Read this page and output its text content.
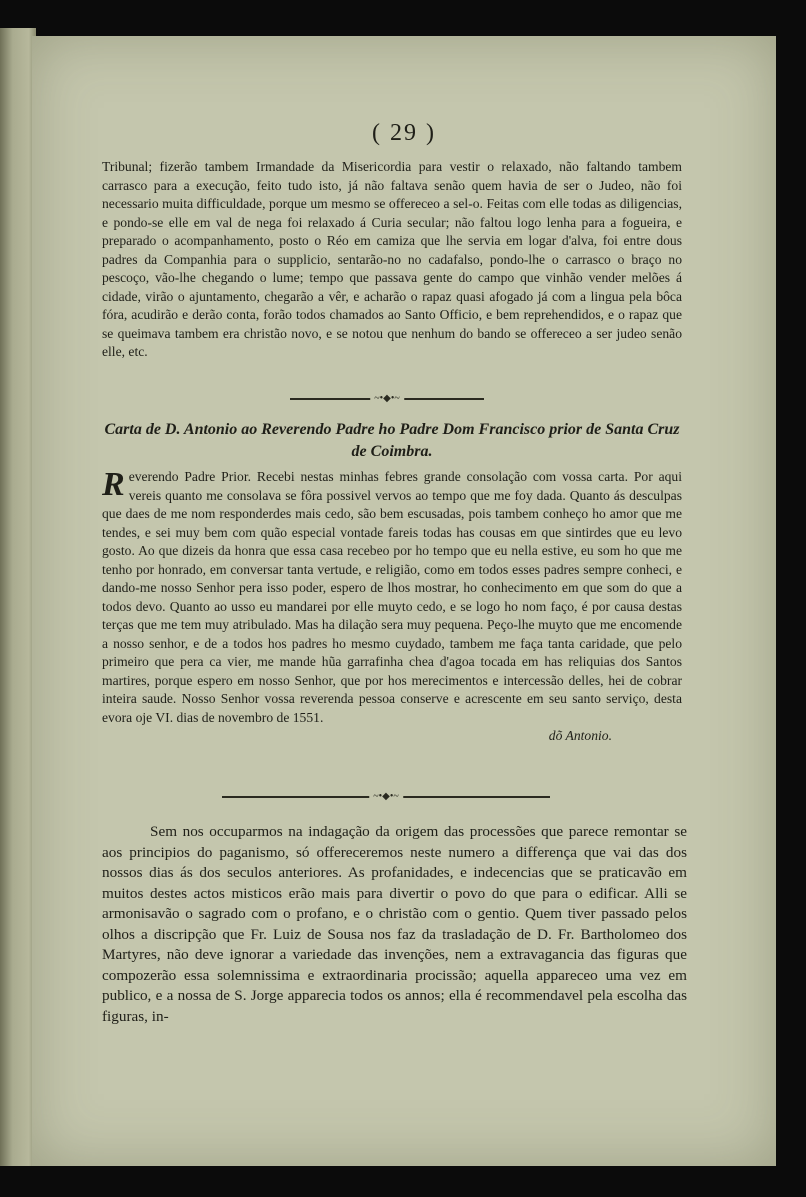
( 29 )

Tribunal; fizerão tambem Irmandade da Misericordia para vestir o relaxado, não faltando tambem carrasco para a execução, feito tudo isto, já não faltava senão quem havia de ser o Judeo, não foi necessario muita difficuldade, porque um mesmo se offereceo a sel-o. Feitas com elle todas as diligencias, e pondo-se elle em val de nega foi relaxado á Curia secular; não faltou logo lenha para a fogueira, e preparado o acompanhamento, posto o Réo em camiza que lhe servia em logar d'alva, foi entre dous padres da Companhia para o supplicio, sentarão-no no cadafalso, pondo-lhe o carrasco o braço no pescoço, vão-lhe chegando o lume; tempo que passava gente do campo que vinhão vender melões á cidade, virão o ajuntamento, chegarão a vêr, e acharão o rapaz quasi afogado já com a lingua pela bôca fóra, acudirão e derão conta, forão todos chamados ao Santo Officio, e bem reprehendidos, e o rapaz que se queimava tambem era christão novo, e se notou que nenhum do bando se offereceo a ser judeo senão elle, etc.

~•◆•~
Carta de D. Antonio ao Reverendo Padre ho Padre Dom Francisco prior de Santa Cruz de Coimbra.
Reverendo Padre Prior. Recebi nestas minhas febres grande consolação com vossa carta. Por aqui vereis quanto me consolava se fôra possivel vervos ao tempo que me foy dada. Quanto ás desculpas que daes de me nom responderdes mais cedo, são bem escusadas, pois tambem conheço ho amor que me tendes, e sei muy bem com quão especial vontade fareis todas has cousas em que sintirdes que eu levo gosto. Ao que dizeis da honra que essa casa recebeo por ho tempo que eu nella estive, eu som ho que me tenho por honrado, em conversar tanta vertude, e religião, como em todos esses padres sempre conheci, e dando-me nosso Senhor pera isso poder, espero de lhos mostrar, ho conhecimento em que som do que a todos devo. Quanto ao usso eu mandarei por elle muyto cedo, e se logo ho nom faço, é por causa destas terças que me tem muy atribulado. Mas ha dilação sera muy pequena. Peço-lhe muyto que me encomende a nosso senhor, e de a todos hos padres ho mesmo cuydado, tambem me faça tanta caridade, que pelo primeiro que pera ca vier, me mande hũa garrafinha chea d'agoa tocada em has reliquias dos Santos martires, porque espero em nosso Senhor, que por hos merecimentos e intercessão delles, hei de cobrar inteira saude. Nosso Senhor vossa reverenda pessoa conserve e acrescente em seu santo serviço, desta evora oje VI. dias de novembro de 1551.
dõ Antonio.
~•◆•~

Sem nos occuparmos na indagação da origem das processões que parece remontar se aos principios do paganismo, só offereceremos neste numero a differença que vai das dos nossos dias ás dos seculos anteriores. As profanidades, e indecencias que se praticavão em muitos destes actos misticos erão mais para divertir o povo do que para o edificar. Alli se armonisavão o sagrado com o profano, e o christão com o gentio. Quem tiver passado pelos olhos a discripção que Fr. Luiz de Sousa nos faz da trasladação de D. Fr. Bartholomeo dos Martyres, não deve ignorar a variedade das invenções, nem a extravagancia das figuras que compozerão essa solemnissima e extraordinaria procissão; aquella appareceo uma vez em publico, e a nossa de S. Jorge apparecia todos os annos; ella é recommendavel pela escolha das figuras, in-
